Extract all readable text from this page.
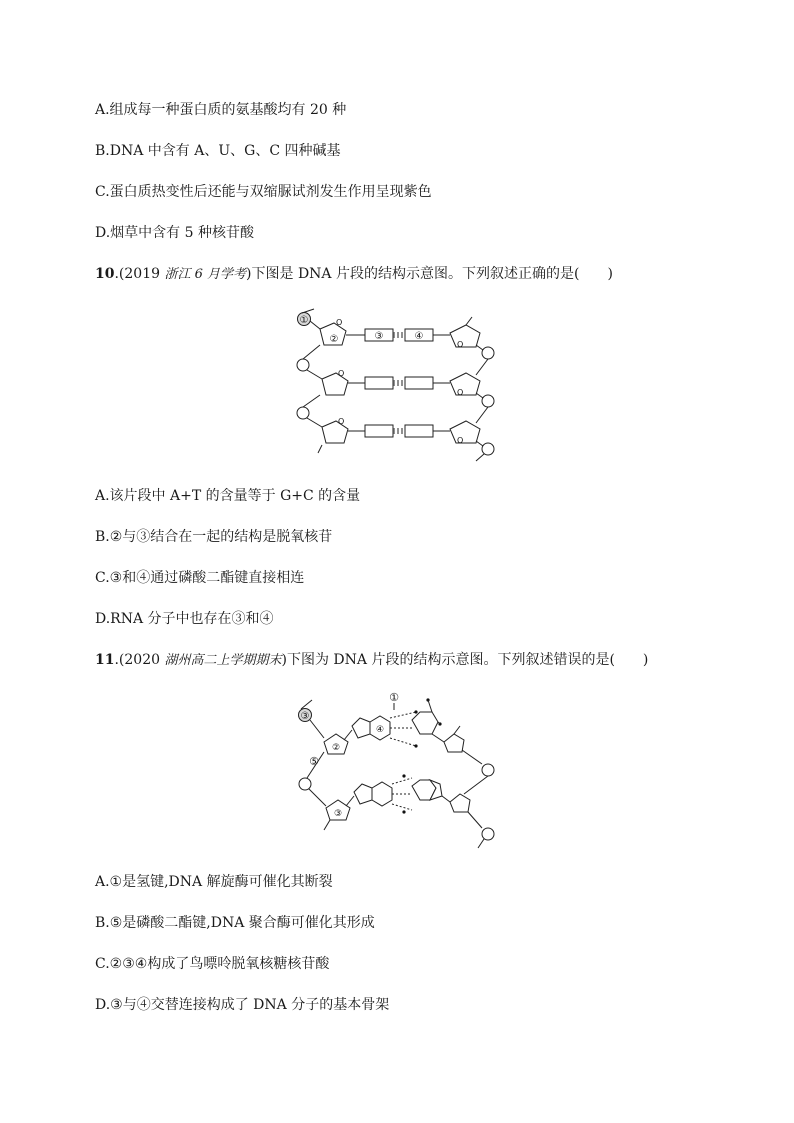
A.组成每一种蛋白质的氨基酸均有 20 种
B.DNA 中含有 A、U、G、C 四种碱基
C.蛋白质热变性后还能与双缩脲试剂发生作用呈现紫色
D.烟草中含有 5 种核苷酸
10.(2019 浙江 6 月学考)下图是 DNA 片段的结构示意图。下列叙述正确的是(　　)
①	O
②
O
O
③	④
O
O
O
A.该片段中 A+T 的含量等于 G+C 的含量
B.②与③结合在一起的结构是脱氧核苷
C.③和④通过磷酸二酯键直接相连
D.RNA 分子中也存在③和④
11.(2020 湖州高二上学期期末)下图为 DNA 片段的结构示意图。下列叙述错误的是(　　)
①
③
②
④
⑤
③
A.①是氢键,DNA 解旋酶可催化其断裂
B.⑤是磷酸二酯键,DNA 聚合酶可催化其形成
C.②③④构成了鸟嘌呤脱氧核糖核苷酸
D.③与④交替连接构成了 DNA 分子的基本骨架
